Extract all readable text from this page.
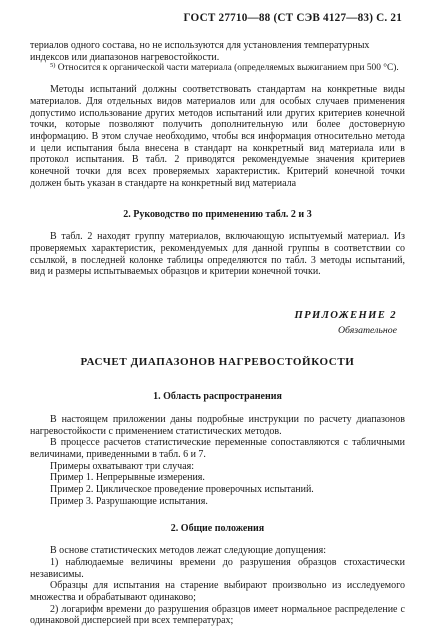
ГОСТ 27710—88 (СТ СЭВ 4127—83) С. 21

териалов одного состава, но не используются для установления температурных

индексов или диапазонов нагревостойкости.

$^{5)}$ Относится к органической части материала (определяемых выжиганием при 500 °С).

Методы испытаний должны соответствовать стандартам на конкретные виды материалов. Для отдельных видов материалов или для особых случаев применения допустимо использование других методов испытаний или других критериев конечной точки, которые позволяют получить дополнительную или более достоверную информацию. В этом случае необходимо, чтобы вся информация относительно метода и цели испытания была внесена в стандарт на конкретный вид материала или в протокол испытания. В табл. 2 приводятся рекомендуемые значения критериев конечной точки для всех проверяемых характеристик. Критерий конечной точки должен быть указан в стандарте на конкретный вид материала

2. Руководство по применению табл. 2 и 3

В табл. 2 находят группу материалов, включающую испытуемый материал. Из проверяемых характеристик, рекомендуемых для данной группы в соответствии со ссылкой, в последней колонке таблицы определяются по табл. 3 методы испытаний, вид и размеры испытываемых образцов и критерии конечной точки.

ПРИЛОЖЕНИЕ 2
Обязательное
РАСЧЕТ ДИАПАЗОНОВ НАГРЕВОСТОЙКОСТИ
1. Область распространения

В настоящем приложении даны подробные инструкции по расчету диапазонов нагревостойкости с применением статистических методов.

В процессе расчетов статистические переменные сопоставляются с табличными величинами, приведенными в табл. 6 и 7.

Примеры охватывают три случая:

Пример 1. Непрерывные измерения.

Пример 2. Циклическое проведение проверочных испытаний.

Пример 3. Разрушающие испытания.

2. Общие положения

В основе статистических методов лежат следующие допущения:

1) наблюдаемые величины времени до разрушения образцов стохастически независимы.

Образцы для испытания на старение выбирают произвольно из исследуемого множества и обрабатывают одинаково;

2) логарифм времени до разрушения образцов имеет нормальное распределение с одинаковой дисперсией при всех температурах;
